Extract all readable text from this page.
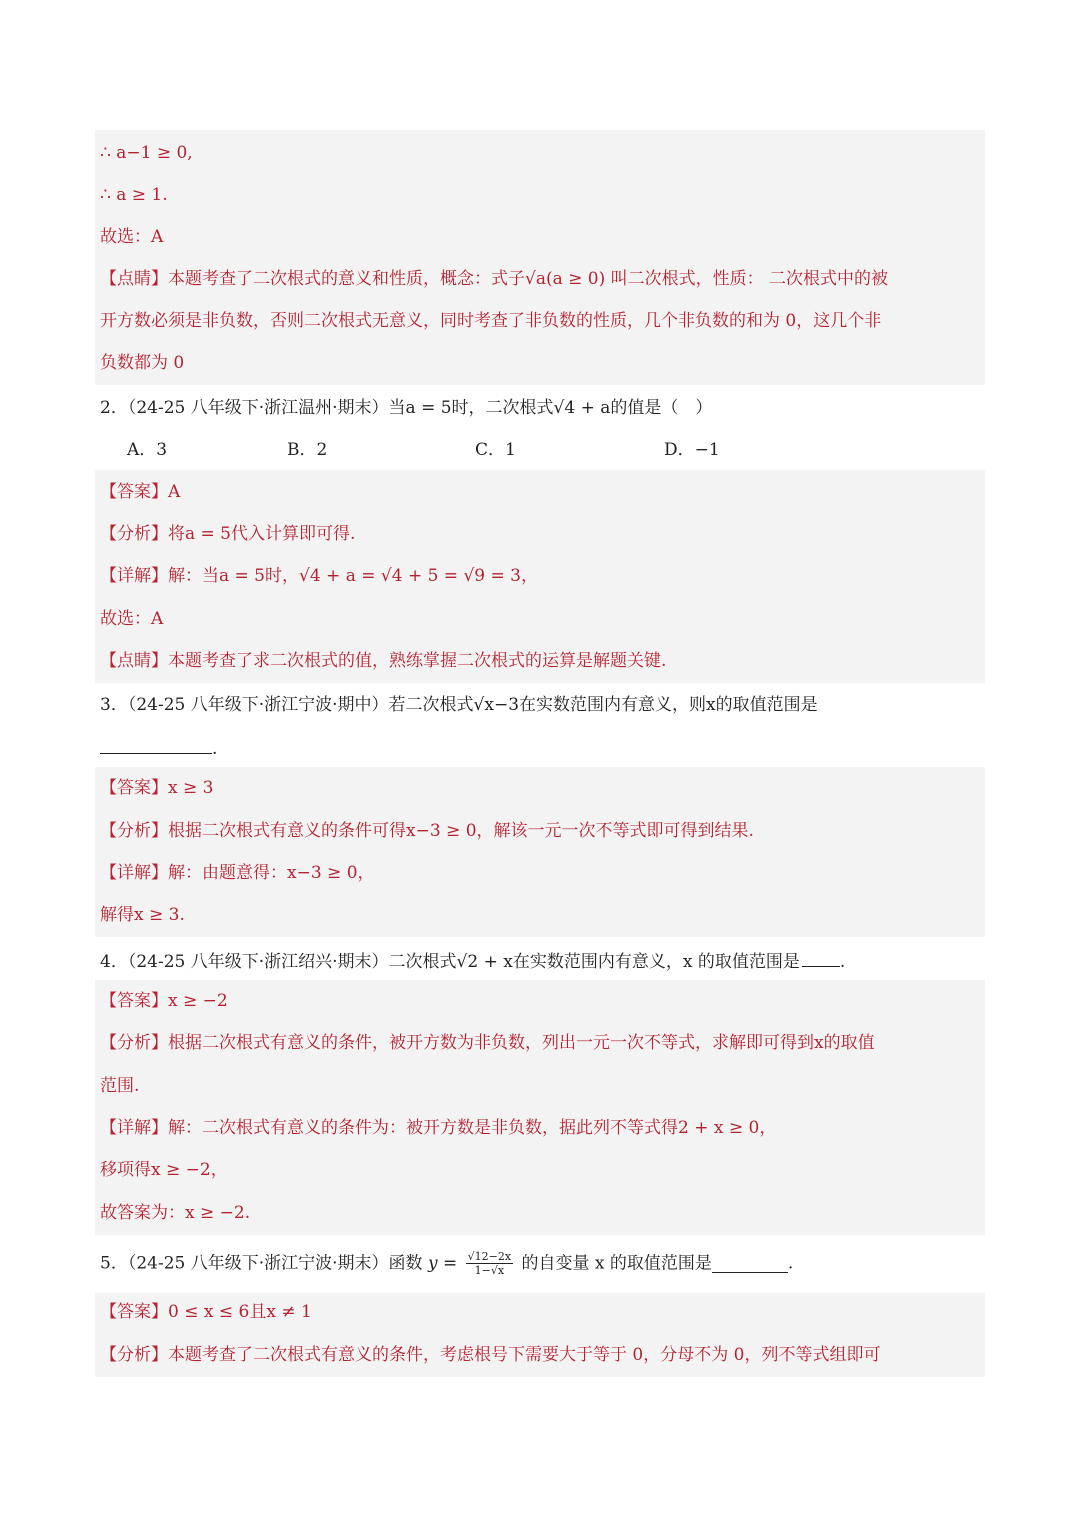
∴ a−1 ≥ 0,
∴ a ≥ 1.
故选：A
【点睛】本题考查了二次根式的意义和性质，概念：式子√a(a ≥ 0) 叫二次根式，性质： 二次根式中的被
开方数必须是非负数，否则二次根式无意义，同时考查了非负数的性质，几个非负数的和为 0，这几个非
负数都为 0
2．（24-25 八年级下·浙江温州·期末）当a = 5时，二次根式√4 + a的值是（　）
A．3	B．2	C．1	D．−1
【答案】A
【分析】将a = 5代入计算即可得.
【详解】解：当a = 5时，√4 + a = √4 + 5 = √9 = 3，
故选：A
【点睛】本题考查了求二次根式的值，熟练掌握二次根式的运算是解题关键.
3．（24-25 八年级下·浙江宁波·期中）若二次根式√x−3在实数范围内有意义，则x的取值范围是
.
【答案】x ≥ 3
【分析】根据二次根式有意义的条件可得x−3 ≥ 0，解该一元一次不等式即可得到结果.
【详解】解：由题意得：x−3 ≥ 0，
解得x ≥ 3.
4．（24-25 八年级下·浙江绍兴·期末）二次根式√2 + x在实数范围内有意义，x 的取值范围是 .
【答案】x ≥ −2
【分析】根据二次根式有意义的条件，被开方数为非负数，列出一元一次不等式，求解即可得到x的取值
范围.
【详解】解：二次根式有意义的条件为：被开方数是非负数，据此列不等式得2 + x ≥ 0，
移项得x ≥ −2，
故答案为：x ≥ −2.
5．（24-25 八年级下·浙江宁波·期末）函数 $y = \frac{√12-2x}{1-√x}$ 的自变量 x 的取值范围是	.
【答案】0 ≤ x ≤ 6且x ≠ 1
【分析】本题考查了二次根式有意义的条件，考虑根号下需要大于等于 0，分母不为 0，列不等式组即可
